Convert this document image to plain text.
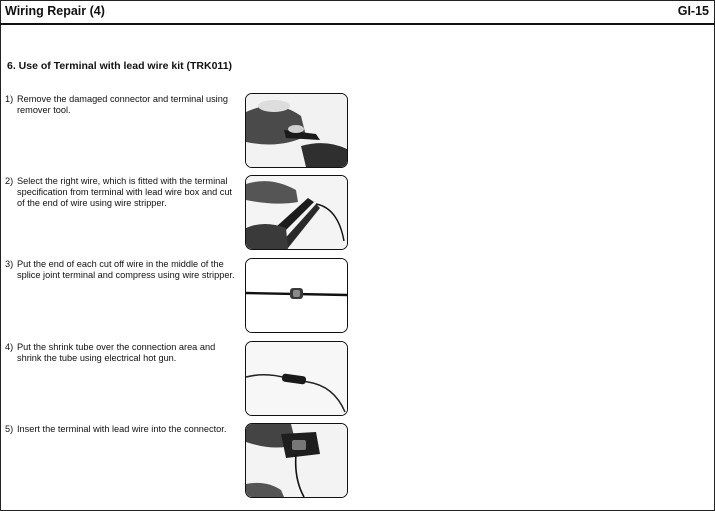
Wiring Repair (4)	GI-15
6. Use of Terminal with lead wire kit (TRK011)
1) Remove the damaged connector and terminal using remover tool.
2) Select the right wire, which is fitted with the terminal specification from terminal with lead wire box and cut of the end of wire using wire stripper.
3) Put the end of each cut off wire in the middle of the splice joint terminal and compress using wire stripper.
4) Put the shrink tube over the connection area and shrink the tube using electrical hot gun.
5) Insert the terminal with lead wire into the connector.
